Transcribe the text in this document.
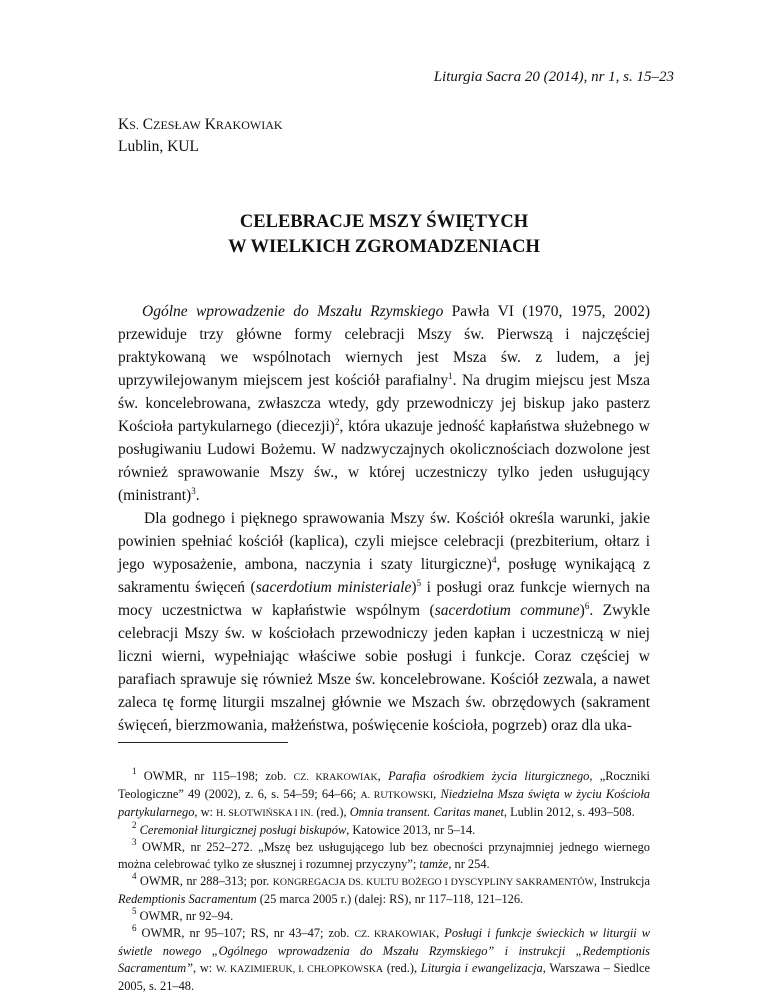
Liturgia Sacra 20 (2014), nr 1, s. 15–23
KS. CZESŁAW KRAKOWIAK
Lublin, KUL
CELEBRACJE MSZY ŚWIĘTYCH
W WIELKICH ZGROMADZENIACH

Ogólne wprowadzenie do Mszału Rzymskiego Pawła VI (1970, 1975, 2002) przewiduje trzy główne formy celebracji Mszy św. Pierwszą i najczęściej praktykowaną we wspólnotach wiernych jest Msza św. z ludem, a jej uprzywilejowanym miejscem jest kościół parafialny$^1$. Na drugim miejscu jest Msza św. koncelebrowana, zwłaszcza wtedy, gdy przewodniczy jej biskup jako pasterz Kościoła partykularnego (diecezji)$^2$, która ukazuje jedność kapłaństwa służebnego w posługiwaniu Ludowi Bożemu. W nadzwyczajnych okolicznościach dozwolone jest również sprawowanie Mszy św., w której uczestniczy tylko jeden usługujący (ministrant)$^3$.

Dla godnego i pięknego sprawowania Mszy św. Kościół określa warunki, jakie powinien spełniać kościół (kaplica), czyli miejsce celebracji (prezbiterium, ołtarz i jego wyposażenie, ambona, naczynia i szaty liturgiczne)$^4$, posługę wynikającą z sakramentu święceń (sacerdotium ministeriale)$^5$ i posługi oraz funkcje wiernych na mocy uczestnictwa w kapłaństwie wspólnym (sacerdotium commune)$^6$. Zwykle celebracji Mszy św. w kościołach przewodniczy jeden kapłan i uczestniczą w niej liczni wierni, wypełniając właściwe sobie posługi i funkcje. Coraz częściej w parafiach sprawuje się również Msze św. koncelebrowane. Kościół zezwala, a nawet zaleca tę formę liturgii mszalnej głównie we Mszach św. obrzędowych (sakrament święceń, bierzmowania, małżeństwa, poświęcenie kościoła, pogrzeb) oraz dla uka-

$^1$ OWMR, nr 115–198; zob. CZ. KRAKOWIAK, Parafia ośrodkiem życia liturgicznego, „Roczniki Teologiczne” 49 (2002), z. 6, s. 54–59; 64–66; A. RUTKOWSKI, Niedzielna Msza święta w życiu Kościoła partykularnego, w: H. SŁOTWIŃSKA I IN. (red.), Omnia transent. Caritas manet, Lublin 2012, s. 493–508.

$^2$ Ceremoniał liturgicznej posługi biskupów, Katowice 2013, nr 5–14.

$^3$ OWMR, nr 252–272. „Mszę bez usługującego lub bez obecności przynajmniej jednego wiernego można celebrować tylko ze słusznej i rozumnej przyczyny”; tamże, nr 254.

$^4$ OWMR, nr 288–313; por. KONGREGACJA DS. KULTU BOŻEGO I DYSCYPLINY SAKRAMENTÓW, Instrukcja Redemptionis Sacramentum (25 marca 2005 r.) (dalej: RS), nr 117–118, 121–126.

$^5$ OWMR, nr 92–94.

$^6$ OWMR, nr 95–107; RS, nr 43–47; zob. CZ. KRAKOWIAK, Posługi i funkcje świeckich w liturgii w świetle nowego „Ogólnego wprowadzenia do Mszału Rzymskiego” i instrukcji „Redemptionis Sacramentum”, w: W. KAZIMIERUK, I. CHŁOPKOWSKA (red.), Liturgia i ewangelizacja, Warszawa – Siedlce 2005, s. 21–48.
